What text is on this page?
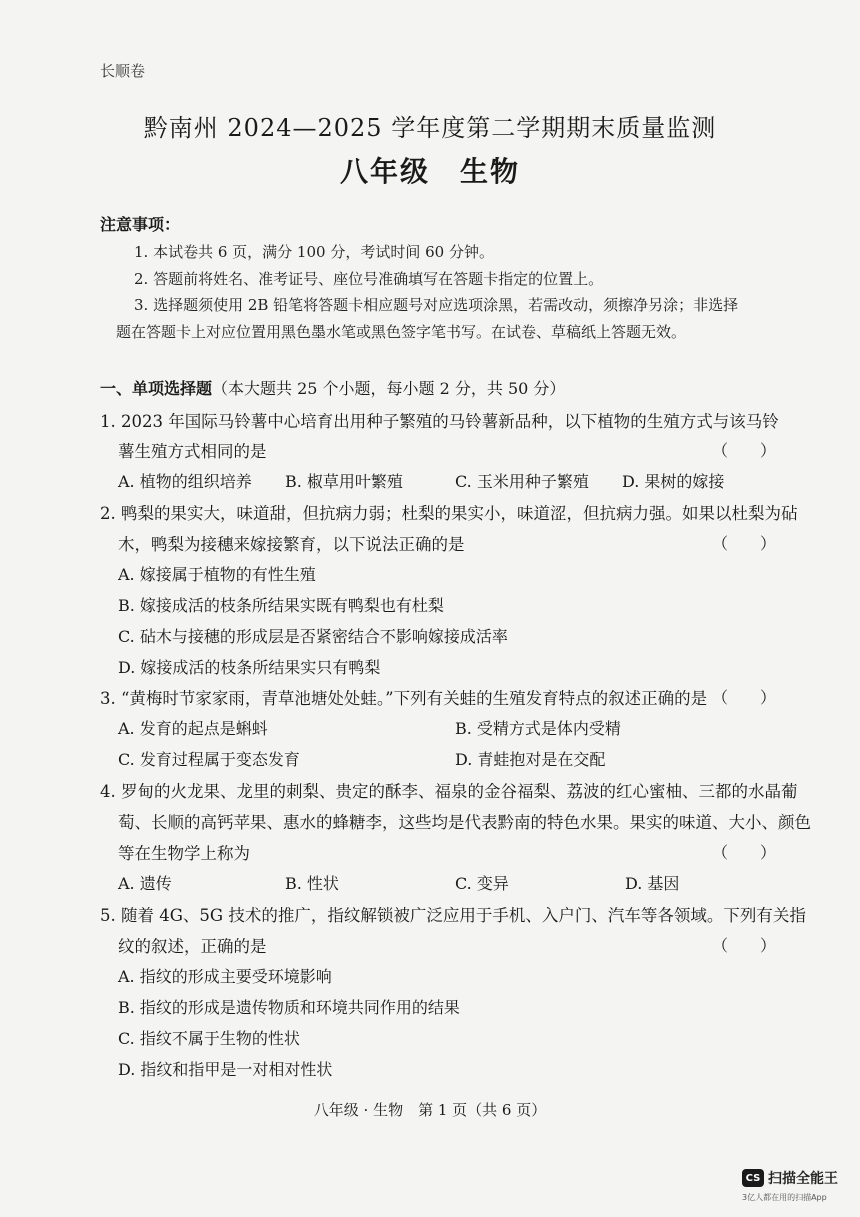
长顺卷
黔南州 2024—2025 学年度第二学期期末质量监测
八年级　生物
注意事项：
1. 本试卷共 6 页，满分 100 分，考试时间 60 分钟。
2. 答题前将姓名、准考证号、座位号准确填写在答题卡指定的位置上。
3. 选择题须使用 2B 铅笔将答题卡相应题号对应选项涂黑，若需改动，须擦净另涂；非选择
题在答题卡上对应位置用黑色墨水笔或黑色签字笔书写。在试卷、草稿纸上答题无效。
一、单项选择题（本大题共 25 个小题，每小题 2 分，共 50 分）
1. 2023 年国际马铃薯中心培育出用种子繁殖的马铃薯新品种，以下植物的生殖方式与该马铃
薯生殖方式相同的是	（　　）
A. 植物的组织培养 B. 椒草用叶繁殖	C. 玉米用种子繁殖 D. 果树的嫁接
2. 鸭梨的果实大，味道甜，但抗病力弱；杜梨的果实小，味道涩，但抗病力强。如果以杜梨为砧
木，鸭梨为接穗来嫁接繁育，以下说法正确的是	（　　）
A. 嫁接属于植物的有性生殖
B. 嫁接成活的枝条所结果实既有鸭梨也有杜梨
C. 砧木与接穗的形成层是否紧密结合不影响嫁接成活率
D. 嫁接成活的枝条所结果实只有鸭梨
3. “黄梅时节家家雨，青草池塘处处蛙。”下列有关蛙的生殖发育特点的叙述正确的是 （　　）
A. 发育的起点是蝌蚪	B. 受精方式是体内受精
C. 发育过程属于变态发育	D. 青蛙抱对是在交配
4. 罗甸的火龙果、龙里的刺梨、贵定的酥李、福泉的金谷福梨、荔波的红心蜜柚、三都的水晶葡
萄、长顺的高钙苹果、惠水的蜂糖李，这些均是代表黔南的特色水果。果实的味道、大小、颜色
等在生物学上称为	（　　）
A. 遗传	B. 性状	C. 变异	D. 基因
5. 随着 4G、5G 技术的推广，指纹解锁被广泛应用于手机、入户门、汽车等各领域。下列有关指
纹的叙述，正确的是	（　　）
A. 指纹的形成主要受环境影响
B. 指纹的形成是遗传物质和环境共同作用的结果
C. 指纹不属于生物的性状
D. 指纹和指甲是一对相对性状
八年级 · 生物　第 1 页（共 6 页）
CS 扫描全能王
3亿人都在用的扫描App
